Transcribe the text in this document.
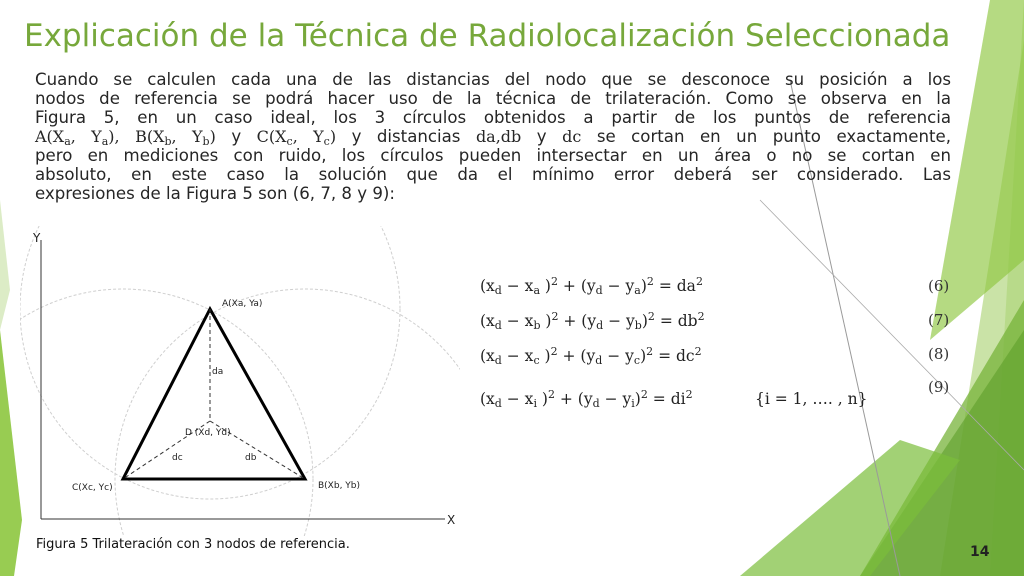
Explicación de la Técnica de Radiolocalización Seleccionada
Cuando se calculen cada una de las distancias del nodo que se desconoce su posición a los
nodos de referencia se podrá hacer uso de la técnica de trilateración. Como se observa en la
Figura 5, en un caso ideal, los 3 círculos obtenidos a partir de los puntos de referencia
$A(X_a$, $Y_a$), $B(X_b$, $Y_b$) y $C(X_c$, $Y_c$) y distancias da,db y dc se cortan en un punto exactamente,
pero en mediciones con ruido, los círculos pueden intersectar en un área o no se cortan en
absoluto, en este caso la solución que da el mínimo error deberá ser considerado. Las
expresiones de la Figura 5 son (6, 7, 8 y 9):
Y
X
A(Xa, Ya)
B(Xb, Yb)
C(Xc, Yc)
D (Xd, Yd)
da
db
dc
Figura 5 Trilateración con 3 nodos de referencia.
($x_d - x_a$ )$^2 + (y_d - y_a)^2 = da^2$
($x_d - x_b$ )$^2 + (y_d - y_b)^2 = db^2$
($x_d - x_c$ )$^2 + (y_d - y_c)^2 = dc^2$
($x_d - x_i$ )$^2 + (y_d - y_i)^2 = di^2$	{i = 1, …. , n}
(6)
(7)
(8)
(9)
14
